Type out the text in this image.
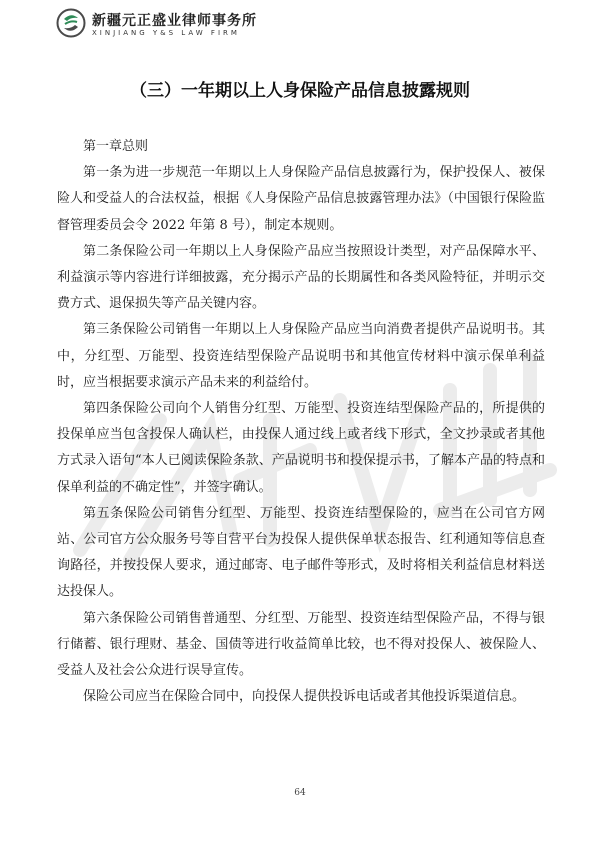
新疆元正盛业律师事务所
XINJIANG Y&S LAW FIRM
（三）一年期以上人身保险产品信息披露规则

第一章总则

第一条为进一步规范一年期以上人身保险产品信息披露行为，保护投保人、被保险人和受益人的合法权益，根据《人身保险产品信息披露管理办法》（中国银行保险监督管理委员会令 2022 年第 8 号），制定本规则。

第二条保险公司一年期以上人身保险产品应当按照设计类型，对产品保障水平、利益演示等内容进行详细披露，充分揭示产品的长期属性和各类风险特征，并明示交费方式、退保损失等产品关键内容。

第三条保险公司销售一年期以上人身保险产品应当向消费者提供产品说明书。其中，分红型、万能型、投资连结型保险产品说明书和其他宣传材料中演示保单利益时，应当根据要求演示产品未来的利益给付。

第四条保险公司向个人销售分红型、万能型、投资连结型保险产品的，所提供的投保单应当包含投保人确认栏，由投保人通过线上或者线下形式，全文抄录或者其他方式录入语句“本人已阅读保险条款、产品说明书和投保提示书，了解本产品的特点和保单利益的不确定性”，并签字确认。

第五条保险公司销售分红型、万能型、投资连结型保险的，应当在公司官方网站、公司官方公众服务号等自营平台为投保人提供保单状态报告、红利通知等信息查询路径，并按投保人要求，通过邮寄、电子邮件等形式，及时将相关利益信息材料送达投保人。

第六条保险公司销售普通型、分红型、万能型、投资连结型保险产品，不得与银行储蓄、银行理财、基金、国债等进行收益简单比较，也不得对投保人、被保险人、受益人及社会公众进行误导宣传。

保险公司应当在保险合同中，向投保人提供投诉电话或者其他投诉渠道信息。

64
